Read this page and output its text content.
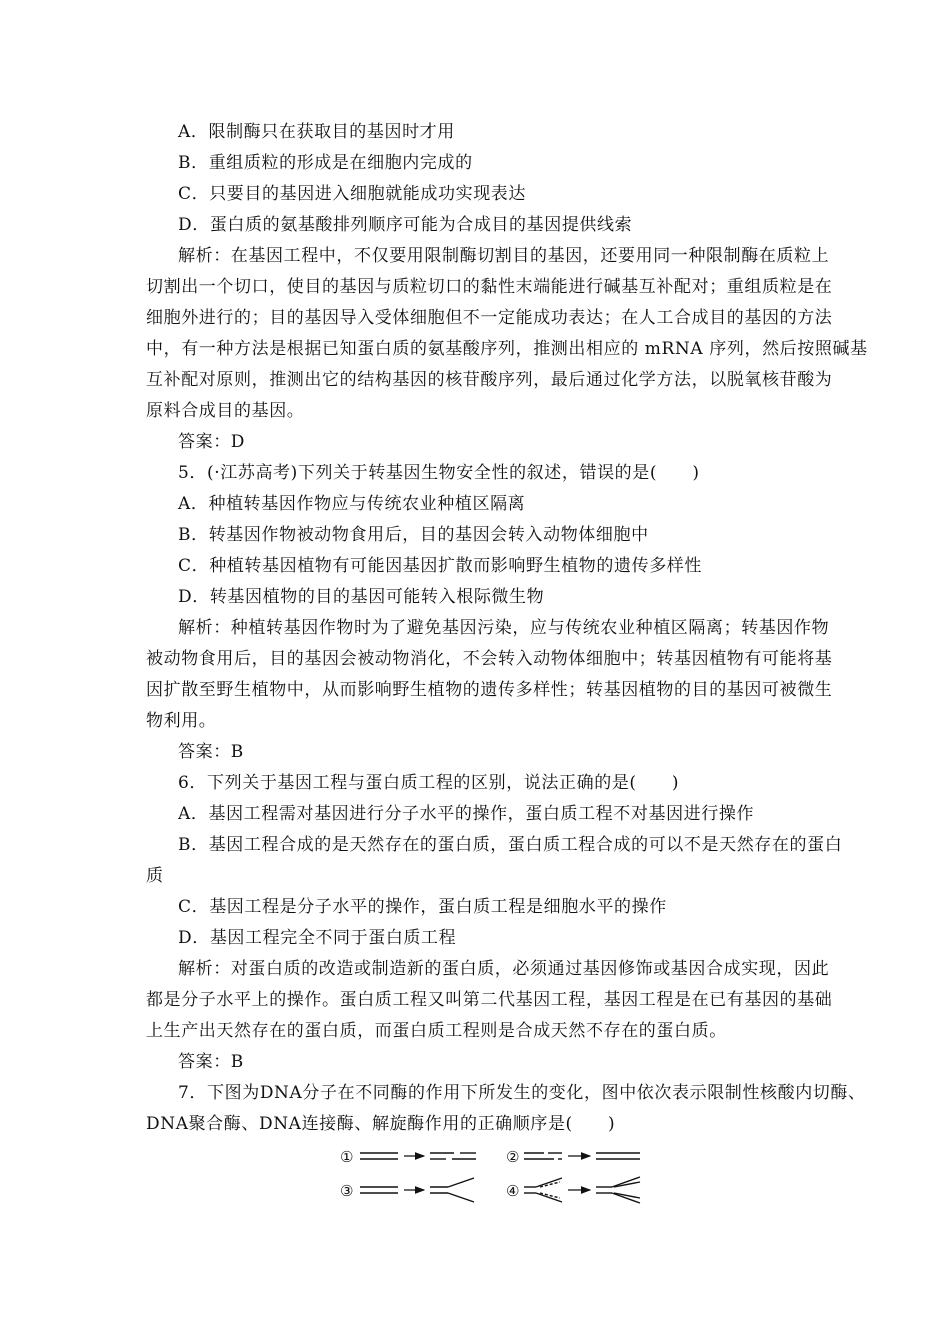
A．限制酶只在获取目的基因时才用
B．重组质粒的形成是在细胞内完成的
C．只要目的基因进入细胞就能成功实现表达
D．蛋白质的氨基酸排列顺序可能为合成目的基因提供线索
解析：在基因工程中，不仅要用限制酶切割目的基因，还要用同一种限制酶在质粒上
切割出一个切口，使目的基因与质粒切口的黏性末端能进行碱基互补配对；重组质粒是在
细胞外进行的；目的基因导入受体细胞但不一定能成功表达；在人工合成目的基因的方法
中，有一种方法是根据已知蛋白质的氨基酸序列，推测出相应的 mRNA 序列，然后按照碱基
互补配对原则，推测出它的结构基因的核苷酸序列，最后通过化学方法，以脱氧核苷酸为
原料合成目的基因。
答案：D
5．(·江苏高考)下列关于转基因生物安全性的叙述，错误的是(　　)
A．种植转基因作物应与传统农业种植区隔离
B．转基因作物被动物食用后，目的基因会转入动物体细胞中
C．种植转基因植物有可能因基因扩散而影响野生植物的遗传多样性
D．转基因植物的目的基因可能转入根际微生物
解析：种植转基因作物时为了避免基因污染，应与传统农业种植区隔离；转基因作物
被动物食用后，目的基因会被动物消化，不会转入动物体细胞中；转基因植物有可能将基
因扩散至野生植物中，从而影响野生植物的遗传多样性；转基因植物的目的基因可被微生
物利用。
答案：B
6．下列关于基因工程与蛋白质工程的区别，说法正确的是(　　)
A．基因工程需对基因进行分子水平的操作，蛋白质工程不对基因进行操作
B．基因工程合成的是天然存在的蛋白质，蛋白质工程合成的可以不是天然存在的蛋白
质
C．基因工程是分子水平的操作，蛋白质工程是细胞水平的操作
D．基因工程完全不同于蛋白质工程
解析：对蛋白质的改造或制造新的蛋白质，必须通过基因修饰或基因合成实现，因此
都是分子水平上的操作。蛋白质工程又叫第二代基因工程，基因工程是在已有基因的基础
上生产出天然存在的蛋白质，而蛋白质工程则是合成天然不存在的蛋白质。
答案：B
7．下图为DNA分子在不同酶的作用下所发生的变化，图中依次表示限制性核酸内切酶、
DNA聚合酶、DNA连接酶、解旋酶作用的正确顺序是(　　)
①	②
③	④
